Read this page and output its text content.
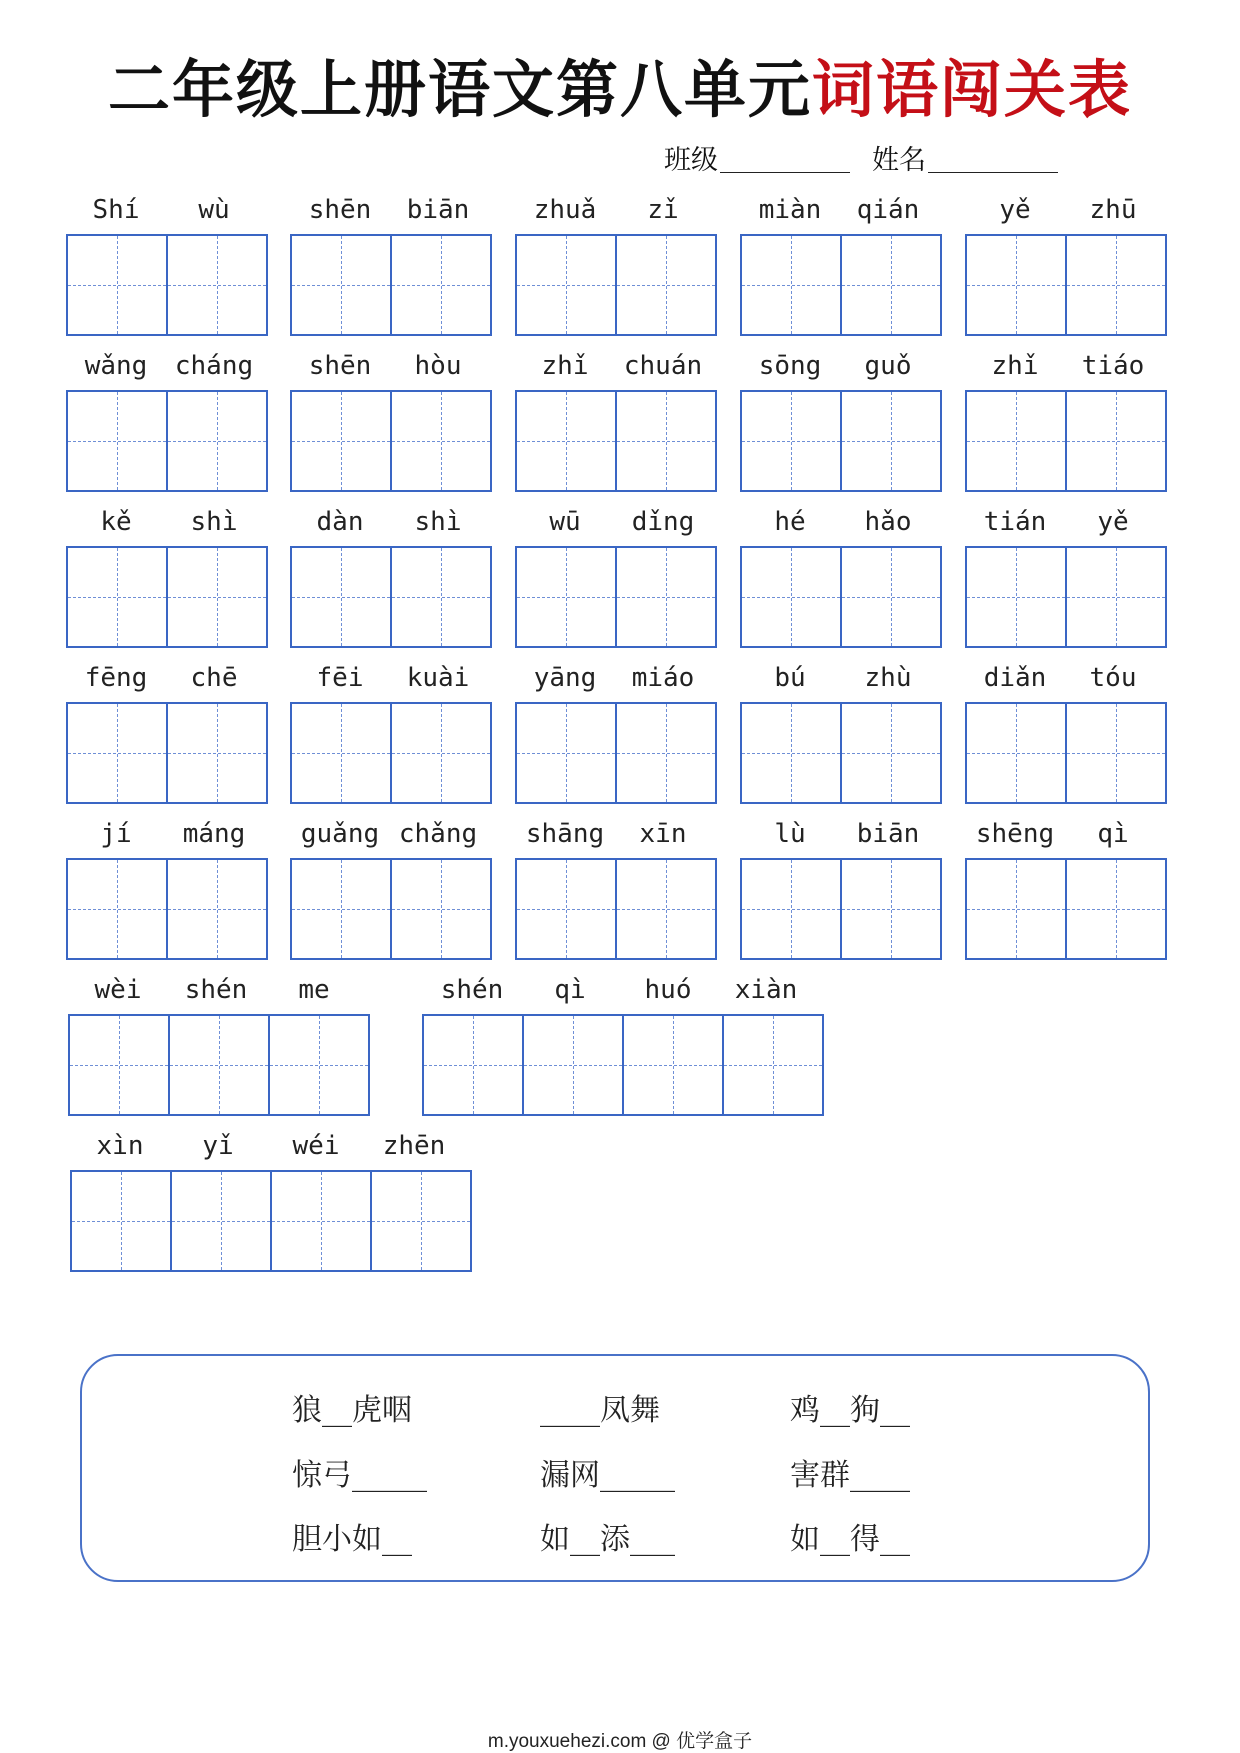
二年级上册语文第八单元词语闯关表
班级	姓名
Shí	wù	shēn	biān	zhuǎ	zǐ	miàn	qián	yě	zhū
wǎng	cháng	shēn	hòu	zhǐ	chuán	sōng	guǒ	zhǐ	tiáo
kě	shì	dàn	shì	wū	dǐng	hé	hǎo	tián	yě
fēng	chē	fēi	kuài	yāng	miáo	bú	zhù	diǎn	tóu
jí	máng	guǎng chǎng	shāng	xīn	lù	biān	shēng	qì
wèi	shén	me	shén	qì	huó	xiàn
xìn	yǐ	wéi	zhēn
狼__虎咽	____凤舞	鸡__狗__
惊弓_____	漏网_____	害群____
胆小如__	如__添___	如__得__
m.youxuehezi.com @ 优学盒子
